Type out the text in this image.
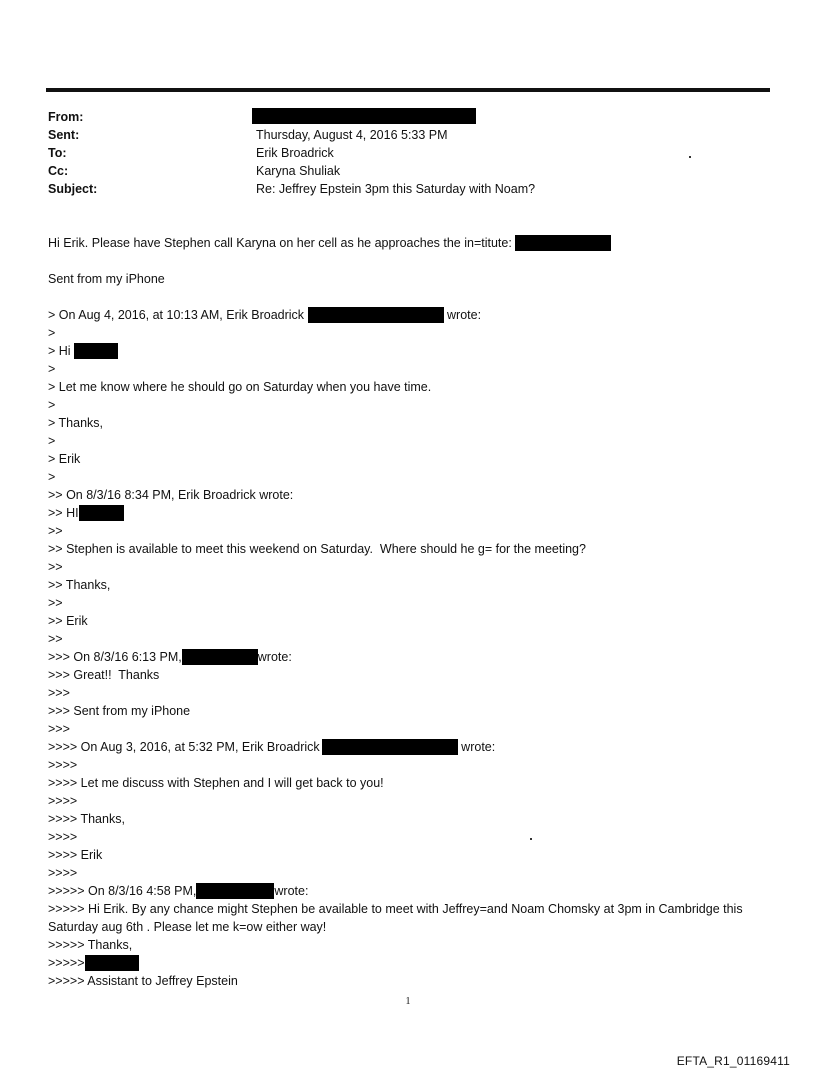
From:
Sent:	Thursday, August 4, 2016 5:33 PM
To:	Erik Broadrick
Cc:	Karyna Shuliak
Subject:	Re: Jeffrey Epstein 3pm this Saturday with Noam?
Hi Erik. Please have Stephen call Karyna on her cell as he approaches the in=titute:
Sent from my iPhone
> On Aug 4, 2016, at 10:13 AM, Erik Broadrick	wrote:
>
> Hi
>
> Let me know where he should go on Saturday when you have time.
>
> Thanks,
>
> Erik
>
>> On 8/3/16 8:34 PM, Erik Broadrick wrote:
>> HI
>>
>> Stephen is available to meet this weekend on Saturday.  Where should he g= for the meeting?
>>
>> Thanks,
>>
>> Erik
>>
>>> On 8/3/16 6:13 PM,	wrote:
>>> Great!!  Thanks
>>>
>>> Sent from my iPhone
>>>
>>>> On Aug 3, 2016, at 5:32 PM, Erik Broadrick	wrote:
>>>>
>>>> Let me discuss with Stephen and I will get back to you!
>>>>
>>>> Thanks,
>>>>
>>>> Erik
>>>>
>>>>> On 8/3/16 4:58 PM,	wrote:
>>>>> Hi Erik. By any chance might Stephen be available to meet with Jeffrey=and Noam Chomsky at 3pm in Cambridge this Saturday aug 6th . Please let me k=ow either way!
>>>>> Thanks,
>>>>>
>>>>> Assistant to Jeffrey Epstein
1
EFTA_R1_01169411
